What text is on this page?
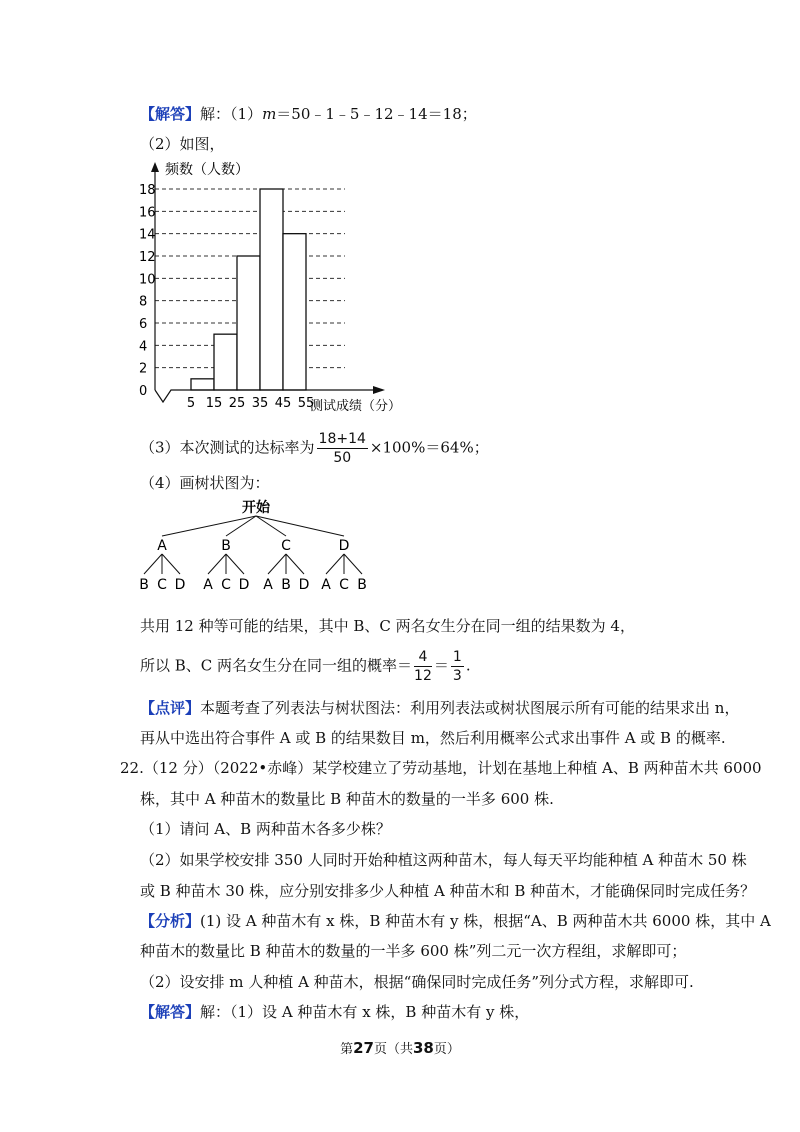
【解答】解：（1）m＝50﹣1﹣5﹣12﹣14＝18；
（2）如图，
频数（人数）
测试成绩（分）
0
2
4
6
8
10
12
14
16
18
5 15 25 35 45 55
（3）本次测试的达标率为 $\frac{18+14}{50} \times 100\%=64\%$；
（4）画树状图为：
开始
A
B C D
B
A C D
C
A B D
D
A C B
共用 12 种等可能的结果，其中 B、C 两名女生分在同一组的结果数为 4，
所以 B、C 两名女生分在同一组的概率＝ $\frac{4}{12} = \frac{1}{3}$ .
【点评】本题考查了列表法与树状图法：利用列表法或树状图展示所有可能的结果求出 n，
再从中选出符合事件 A 或 B 的结果数目 m，然后利用概率公式求出事件 A 或 B 的概率.
22.（12 分）（2022•赤峰）某学校建立了劳动基地，计划在基地上种植 A、B 两种苗木共 6000
株，其中 A 种苗木的数量比 B 种苗木的数量的一半多 600 株.
（1）请问 A、B 两种苗木各多少株？
（2）如果学校安排 350 人同时开始种植这两种苗木，每人每天平均能种植 A 种苗木 50 株
或 B 种苗木 30 株，应分别安排多少人种植 A 种苗木和 B 种苗木，才能确保同时完成任务？
【分析】(1) 设 A 种苗木有 x 株，B 种苗木有 y 株，根据“A、B 两种苗木共 6000 株，其中 A
种苗木的数量比 B 种苗木的数量的一半多 600 株”列二元一次方程组，求解即可；
（2）设安排 m 人种植 A 种苗木，根据“确保同时完成任务”列分式方程，求解即可.
【解答】解：（1）设 A 种苗木有 x 株，B 种苗木有 y 株，
第27页（共38页）
